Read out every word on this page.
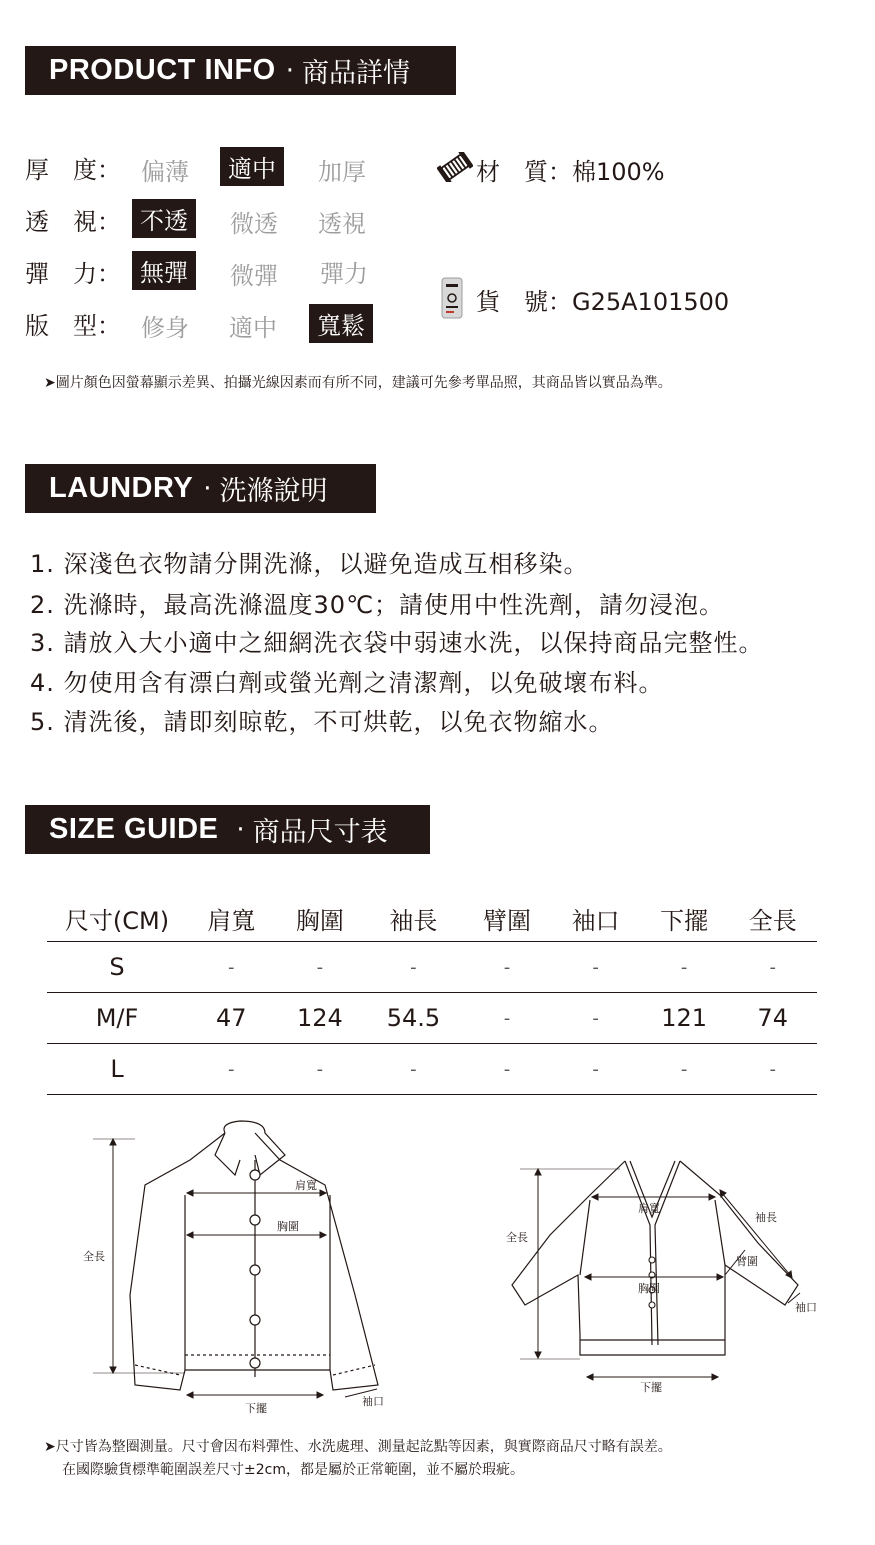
PRODUCT INFO · 商品詳情
厚　度： 偏薄	適中	加厚
透　視： 不透	微透 透視
彈　力： 無彈	微彈 彈力
版　型： 修身 適中	寬鬆
材　質：棉100%
貨　號：G25A101500
➤圖片顏色因螢幕顯示差異、拍攝光線因素而有所不同，建議可先參考單品照，其商品皆以實品為準。
LAUNDRY · 洗滌說明
1. 深淺色衣物請分開洗滌，以避免造成互相移染。
2. 洗滌時，最高洗滌溫度30℃；請使用中性洗劑，請勿浸泡。
3. 請放入大小適中之細網洗衣袋中弱速水洗，以保持商品完整性。
4. 勿使用含有漂白劑或螢光劑之清潔劑，以免破壞布料。
5. 清洗後，請即刻晾乾，不可烘乾，以免衣物縮水。
SIZE GUIDE · 商品尺寸表
尺寸(CM)	肩寬	胸圍	袖長	臂圍	袖口	下擺	全長
S	-	-	-	-	-	-	-
M/F	47	124	54.5	-	-	121	74
L	-	-	-	-	-	-	-
肩寬
胸圍
全長
下擺
袖口
肩寬
胸圍
全長
下擺
袖長
臂圍
袖口
➤尺寸皆為整圈測量。尺寸會因布料彈性、水洗處理、測量起訖點等因素，與實際商品尺寸略有誤差。
在國際驗貨標準範圍誤差尺寸±2cm，都是屬於正常範圍，並不屬於瑕疵。
